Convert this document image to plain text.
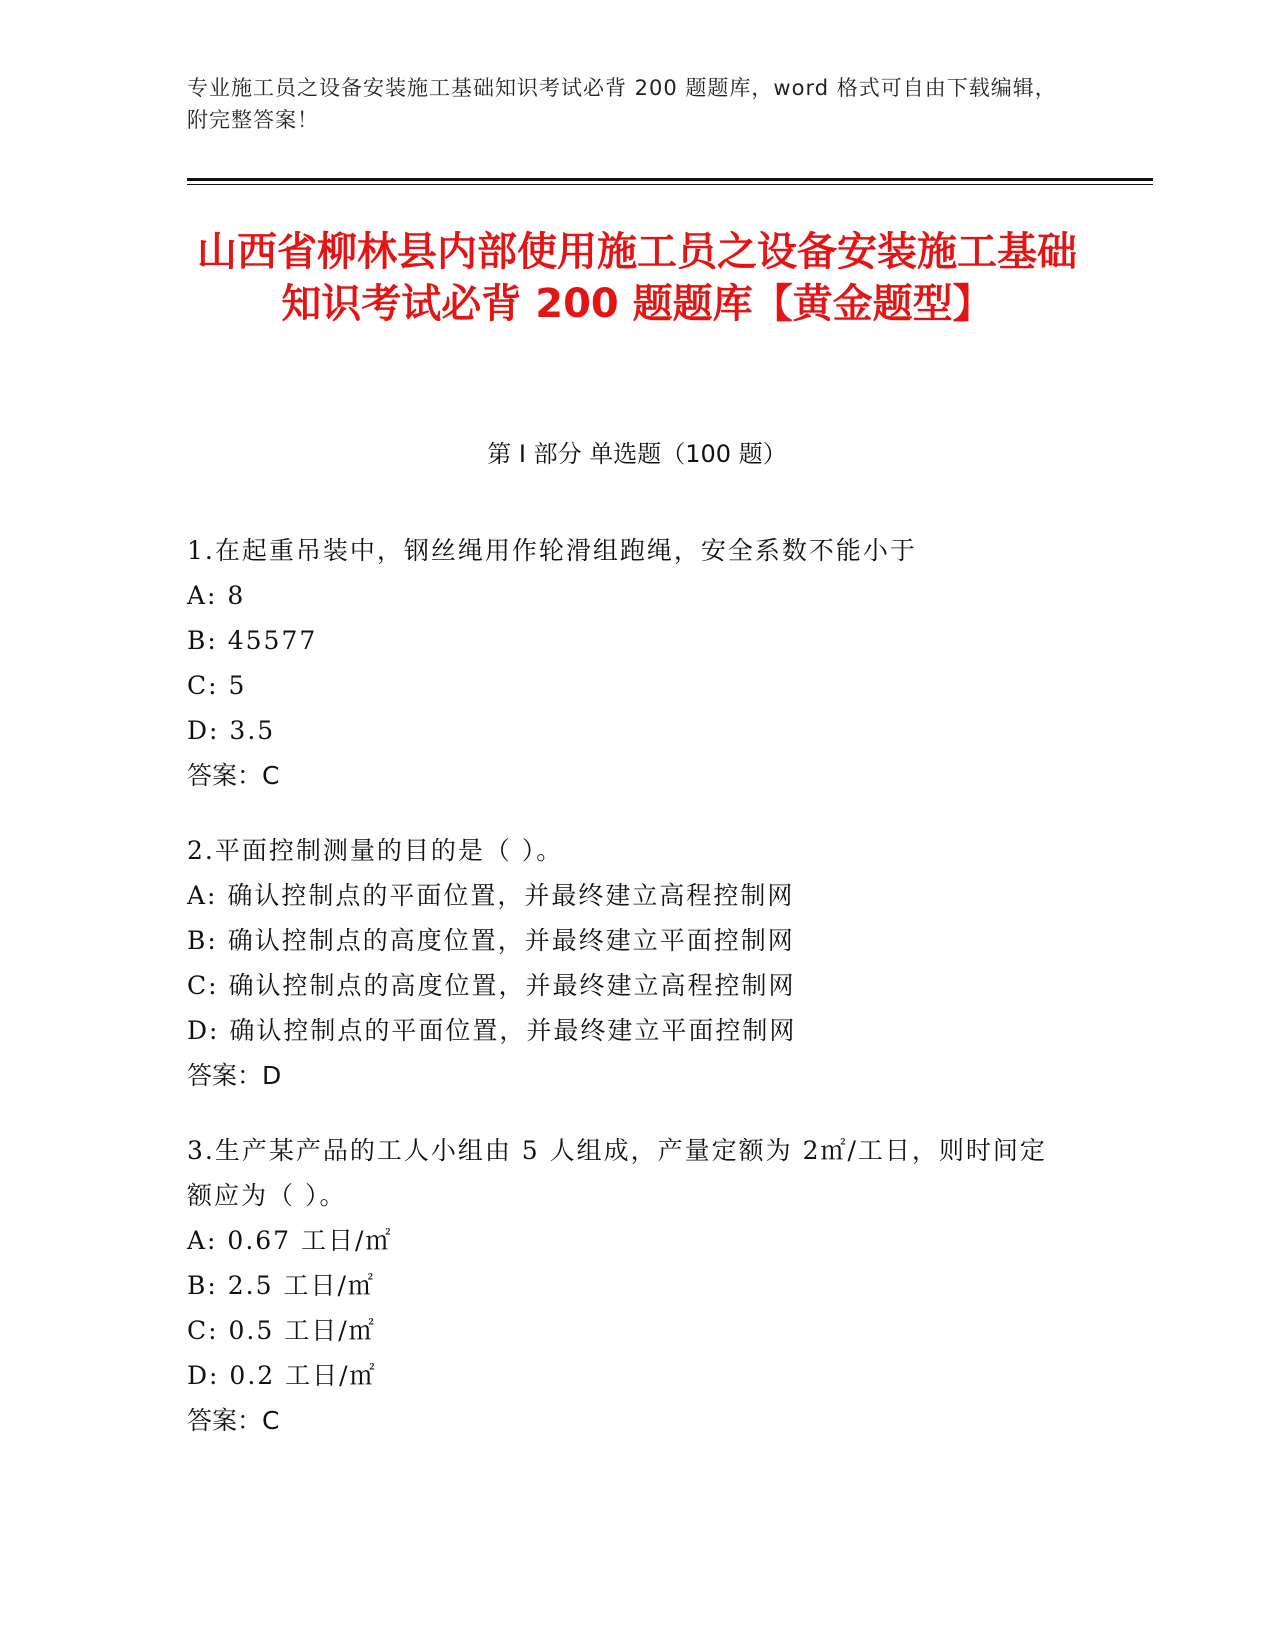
专业施工员之设备安装施工基础知识考试必背 200 题题库，word 格式可自由下载编辑，附完整答案！
山西省柳林县内部使用施工员之设备安装施工基础知识考试必背 200 题题库【黄金题型】
第 I 部分 单选题（100 题）
1.在起重吊装中，钢丝绳用作轮滑组跑绳，安全系数不能小于
A: 8
B: 45577
C: 5
D: 3.5
答案：C
2.平面控制测量的目的是（ ）。
A: 确认控制点的平面位置，并最终建立高程控制网
B: 确认控制点的高度位置，并最终建立平面控制网
C: 确认控制点的高度位置，并最终建立高程控制网
D: 确认控制点的平面位置，并最终建立平面控制网
答案：D
3.生产某产品的工人小组由 5 人组成，产量定额为 2㎡/工日，则时间定额应为（ ）。
A: 0.67 工日/㎡
B: 2.5 工日/㎡
C: 0.5 工日/㎡
D: 0.2 工日/㎡
答案：C
